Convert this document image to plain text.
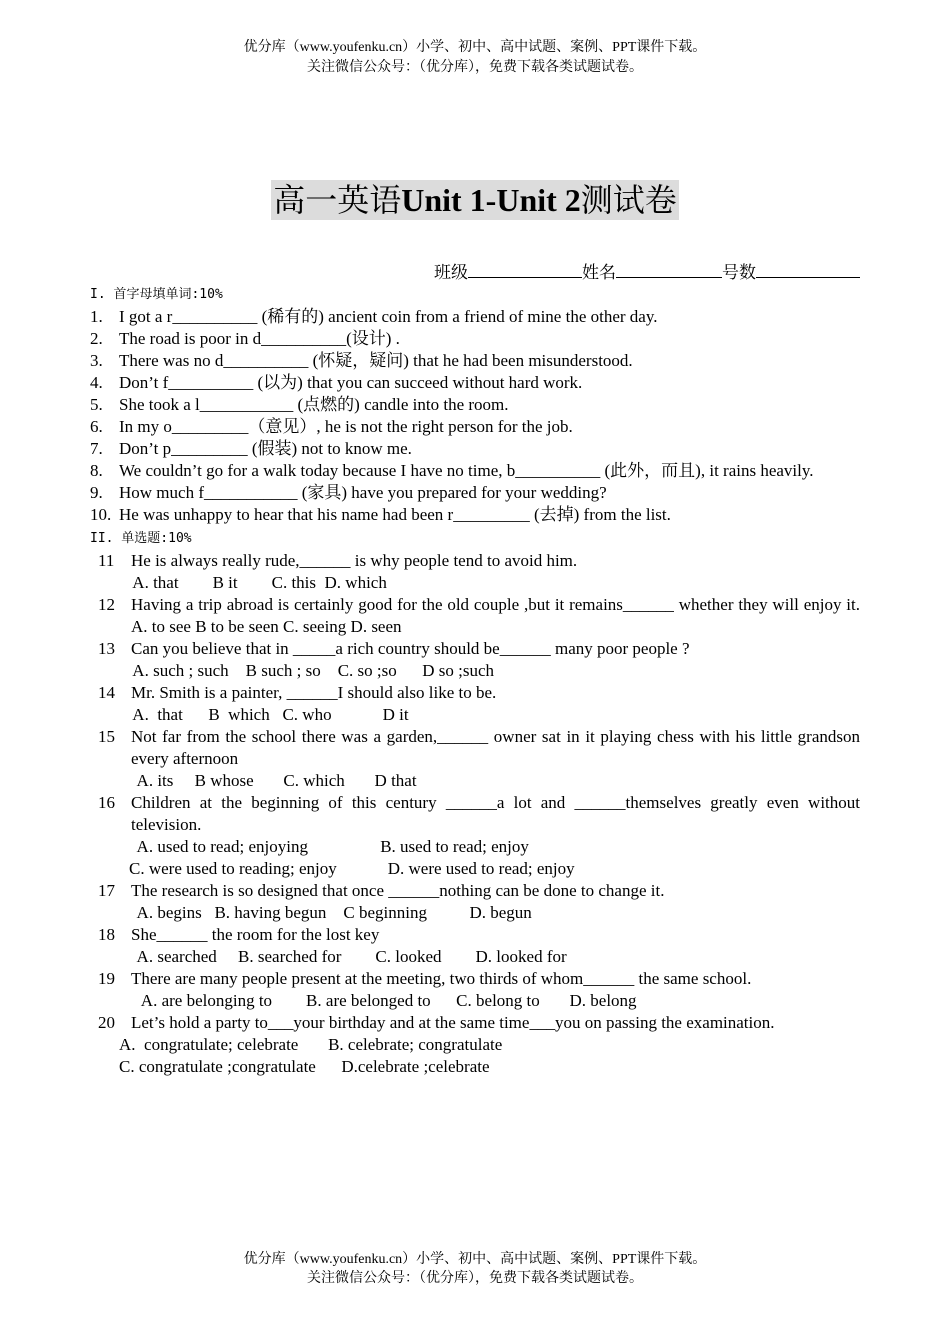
优分库（www.youfenku.cn）小学、初中、高中试题、案例、PPT课件下载。
关注微信公众号：（优分库），免费下载各类试题试卷。
高一英语Unit 1-Unit 2测试卷
班级	姓名	号数
I. 首字母填单词:10%
1. I got a r__________ (稀有的) ancient coin from a friend of mine the other day.
2. The road is poor in d__________(设计) .
3. There was no d__________ (怀疑，疑问) that he had been misunderstood.
4. Don’t f__________ (以为) that you can succeed without hard work.
5. She took a l___________ (点燃的) candle into the room.
6. In my o_________（意见）, he is not the right person for the job.
7. Don’t p_________ (假装) not to know me.
8. We couldn’t go for a walk today because I have no time, b__________ (此外，而且), it rains heavily.
9. How much f___________ (家具) have you prepared for your wedding?
10. He was unhappy to hear that his name had been r_________ (去掉) from the list.
II. 单选题:10%
11 He is always really rude,______ is why people tend to avoid him.
A. that        B it        C. this  D. which
12 Having a trip abroad is certainly good for the old couple ,but it remains______ whether they will enjoy it. A. to see B to be seen C. seeing D. seen
13 Can you believe that in _____a rich country should be______ many poor people ?
A. such ; such    B such ; so    C. so ;so      D so ;such
14 Mr. Smith is a painter, ______I should also like to be.
A.  that      B  which   C. who            D it
15 Not far from the school there was a garden,______ owner sat in it playing chess with his little grandson every afternoon
A. its     B whose       C. which       D that
16 Children at the beginning of this century ______a lot and ______themselves greatly even without television.
A. used to read; enjoying                 B. used to read; enjoy
C. were used to reading; enjoy            D. were used to read; enjoy
17 The research is so designed that once ______nothing can be done to change it.
A. begins   B. having begun    C beginning          D. begun
18 She______ the room for the lost key
A. searched     B. searched for        C. looked        D. looked for
19 There are many people present at the meeting, two thirds of whom______ the same school.
A. are belonging to        B. are belonged to      C. belong to       D. belong
20 Let’s hold a party to___your birthday and at the same time___you on passing the examination.
A.  congratulate; celebrate       B. celebrate; congratulate
C. congratulate ;congratulate      D.celebrate ;celebrate
优分库（www.youfenku.cn）小学、初中、高中试题、案例、PPT课件下载。
关注微信公众号：（优分库），免费下载各类试题试卷。
